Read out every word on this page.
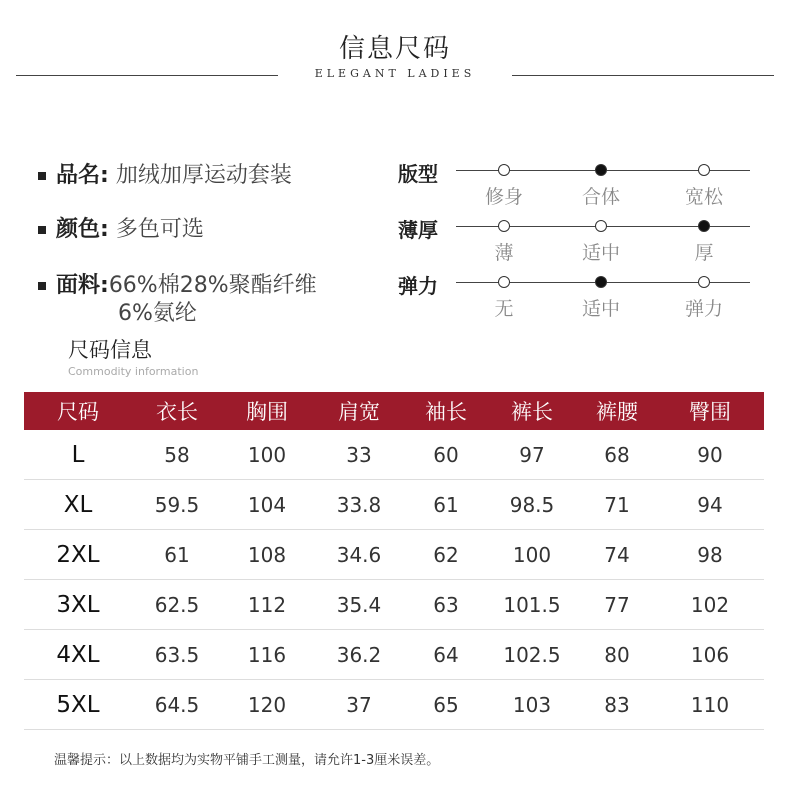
信息尺码
ELEGANT LADIES
品名: 加绒加厚运动套装
颜色: 多色可选
面料:66%棉28%聚酯纤维
6%氨纶
版型
修身	合体	宽松
薄厚
薄	适中	厚
弹力
无	适中	弹力
尺码信息
Commodity information
尺码	衣长	胸围	肩宽	袖长	裤长	裤腰	臀围
L	58	100	33	60	97	68	90
XL	59.5	104	33.8	61	98.5	71	94
2XL	61	108	34.6	62	100	74	98
3XL	62.5	112	35.4	63	101.5	77	102
4XL	63.5	116	36.2	64	102.5	80	106
5XL	64.5	120	37	65	103	83	110
温馨提示：以上数据均为实物平铺手工测量，请允许1-3厘米误差。
